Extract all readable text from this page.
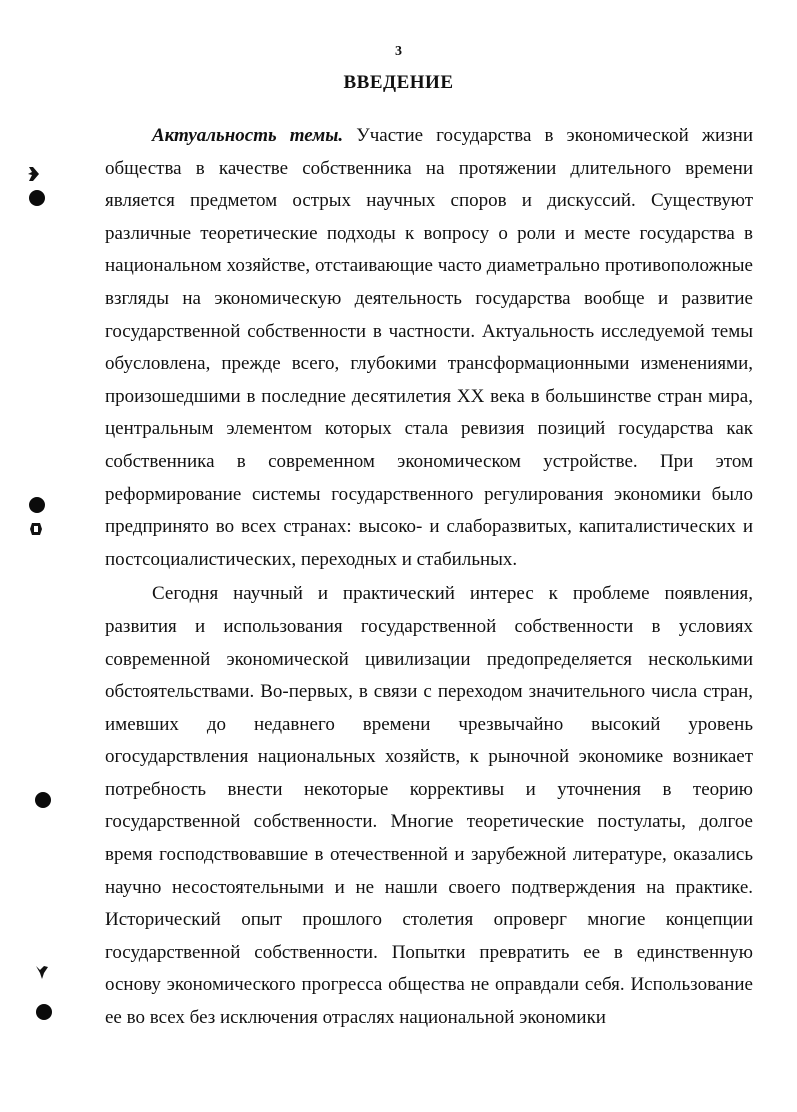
3
ВВЕДЕНИЕ

Актуальность темы. Участие государства в экономической жизни общества в качестве собственника на протяжении длительного времени является предметом острых научных споров и дискуссий. Существуют различные теоретические подходы к вопросу о роли и месте государства в национальном хозяйстве, отстаивающие часто диаметрально противоположные взгляды на экономическую деятельность государства вообще и развитие государственной собственности в частности. Актуальность исследуемой темы обусловлена, прежде всего, глубокими трансформационными изменениями, произошедшими в последние десятилетия XX века в большинстве стран мира, центральным элементом которых стала ревизия позиций государства как собственника в современном экономическом устройстве. При этом реформирование системы государственного регулирования экономики было предпринято во всех странах: высоко- и слаборазвитых, капиталистических и постсоциалистических, переходных и стабильных.

Сегодня научный и практический интерес к проблеме появления, развития и использования государственной собственности в условиях современной экономической цивилизации предопределяется несколькими обстоятельствами. Во-первых, в связи с переходом значительного числа стран, имевших до недавнего времени чрезвычайно высокий уровень огосударствления национальных хозяйств, к рыночной экономике возникает потребность внести некоторые коррективы и уточнения в теорию государственной собственности. Многие теоретические постулаты, долгое время господствовавшие в отечественной и зарубежной литературе, оказались научно несостоятельными и не нашли своего подтверждения на практике. Исторический опыт прошлого столетия опроверг многие концепции государственной собственности. Попытки превратить ее в единственную основу экономического прогресса общества не оправдали себя. Использование ее во всех без исключения отраслях национальной экономики
